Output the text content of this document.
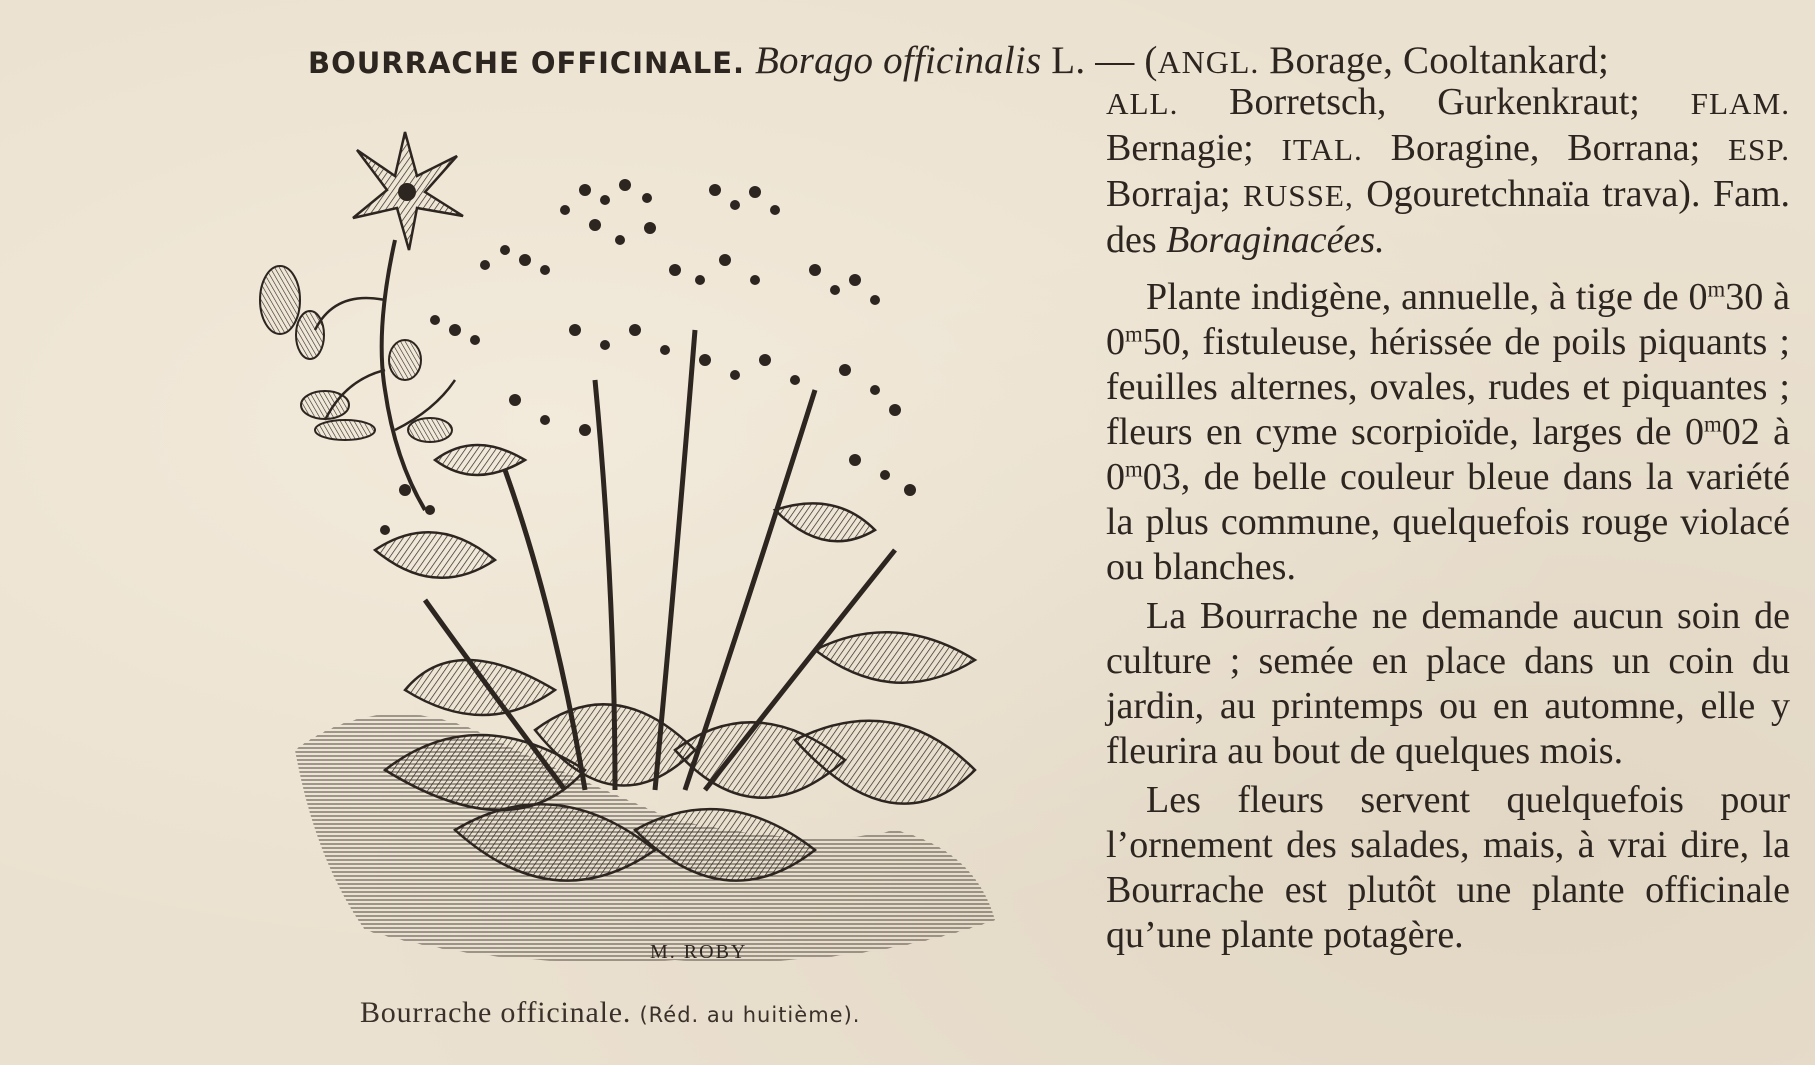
BOURRACHE OFFICINALE. Borago officinalis L. — (ANGL. Borage, Cooltankard;

ALL. Borretsch, Gurkenkraut; FLAM. Bernagie; ITAL. Boragine, Borrana; ESP. Borraja; RUSSE, Ogouretchnaïa trava). Fam. des Boraginacées.

Plante indigène, annuelle, à tige de 0$^m$30 à 0$^m$50, fistuleuse, hérissée de poils piquants ; feuilles alternes, ovales, rudes et piquantes ; fleurs en cyme scorpioïde, larges de 0$^m$02 à 0$^m$03, de belle couleur bleue dans la variété la plus commune, quelquefois rouge violacé ou blanches.

La Bourrache ne demande aucun soin de culture ; semée en place dans un coin du jardin, au printemps ou en automne, elle y fleurira au bout de quelques mois.

Les fleurs servent quelquefois pour l’ornement des salades, mais, à vrai dire, la Bourrache est plutôt une plante officinale qu’une plante potagère.

M. ROBY
Bourrache officinale. (Réd. au huitième).
